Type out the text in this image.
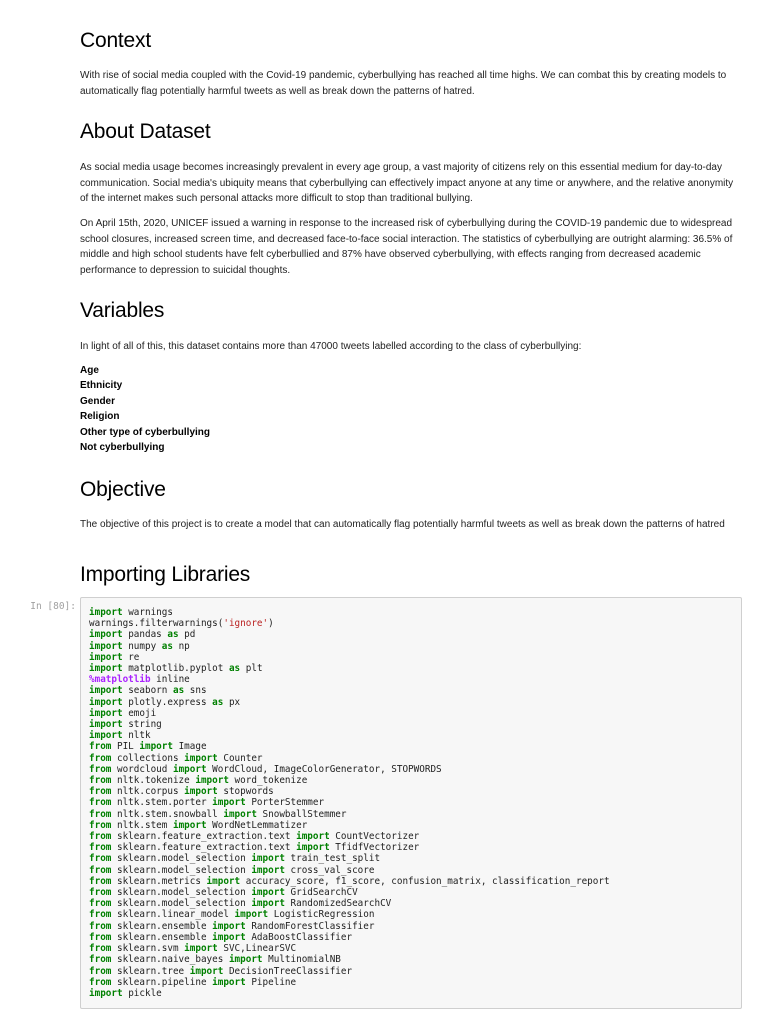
Context

With rise of social media coupled with the Covid-19 pandemic, cyberbullying has reached all time highs. We can combat this by creating models to automatically flag potentially harmful tweets as well as break down the patterns of hatred.

About Dataset

As social media usage becomes increasingly prevalent in every age group, a vast majority of citizens rely on this essential medium for day-to-day communication. Social media's ubiquity means that cyberbullying can effectively impact anyone at any time or anywhere, and the relative anonymity of the internet makes such personal attacks more difficult to stop than traditional bullying.

On April 15th, 2020, UNICEF issued a warning in response to the increased risk of cyberbullying during the COVID-19 pandemic due to widespread school closures, increased screen time, and decreased face-to-face social interaction. The statistics of cyberbullying are outright alarming: 36.5% of middle and high school students have felt cyberbullied and 87% have observed cyberbullying, with effects ranging from decreased academic performance to depression to suicidal thoughts.

Variables

In light of all of this, this dataset contains more than 47000 tweets labelled according to the class of cyberbullying:

Age
Ethnicity
Gender
Religion
Other type of cyberbullying
Not cyberbullying
Objective

The objective of this project is to create a model that can automatically flag potentially harmful tweets as well as break down the patterns of hatred

Importing Libraries
In [80]:
import warnings
warnings.filterwarnings('ignore')
import pandas as pd
import numpy as np
import re
import matplotlib.pyplot as plt
%matplotlib inline
import seaborn as sns
import plotly.express as px
import emoji
import string
import nltk
from PIL import Image
from collections import Counter
from wordcloud import WordCloud, ImageColorGenerator, STOPWORDS
from nltk.tokenize import word_tokenize
from nltk.corpus import stopwords
from nltk.stem.porter import PorterStemmer
from nltk.stem.snowball import SnowballStemmer
from nltk.stem import WordNetLemmatizer
from sklearn.feature_extraction.text import CountVectorizer
from sklearn.feature_extraction.text import TfidfVectorizer
from sklearn.model_selection import train_test_split
from sklearn.model_selection import cross_val_score
from sklearn.metrics import accuracy_score, f1_score, confusion_matrix, classification_report
from sklearn.model_selection import GridSearchCV
from sklearn.model_selection import RandomizedSearchCV
from sklearn.linear_model import LogisticRegression
from sklearn.ensemble import RandomForestClassifier
from sklearn.ensemble import AdaBoostClassifier
from sklearn.svm import SVC,LinearSVC
from sklearn.naive_bayes import MultinomialNB
from sklearn.tree import DecisionTreeClassifier
from sklearn.pipeline import Pipeline
import pickle
